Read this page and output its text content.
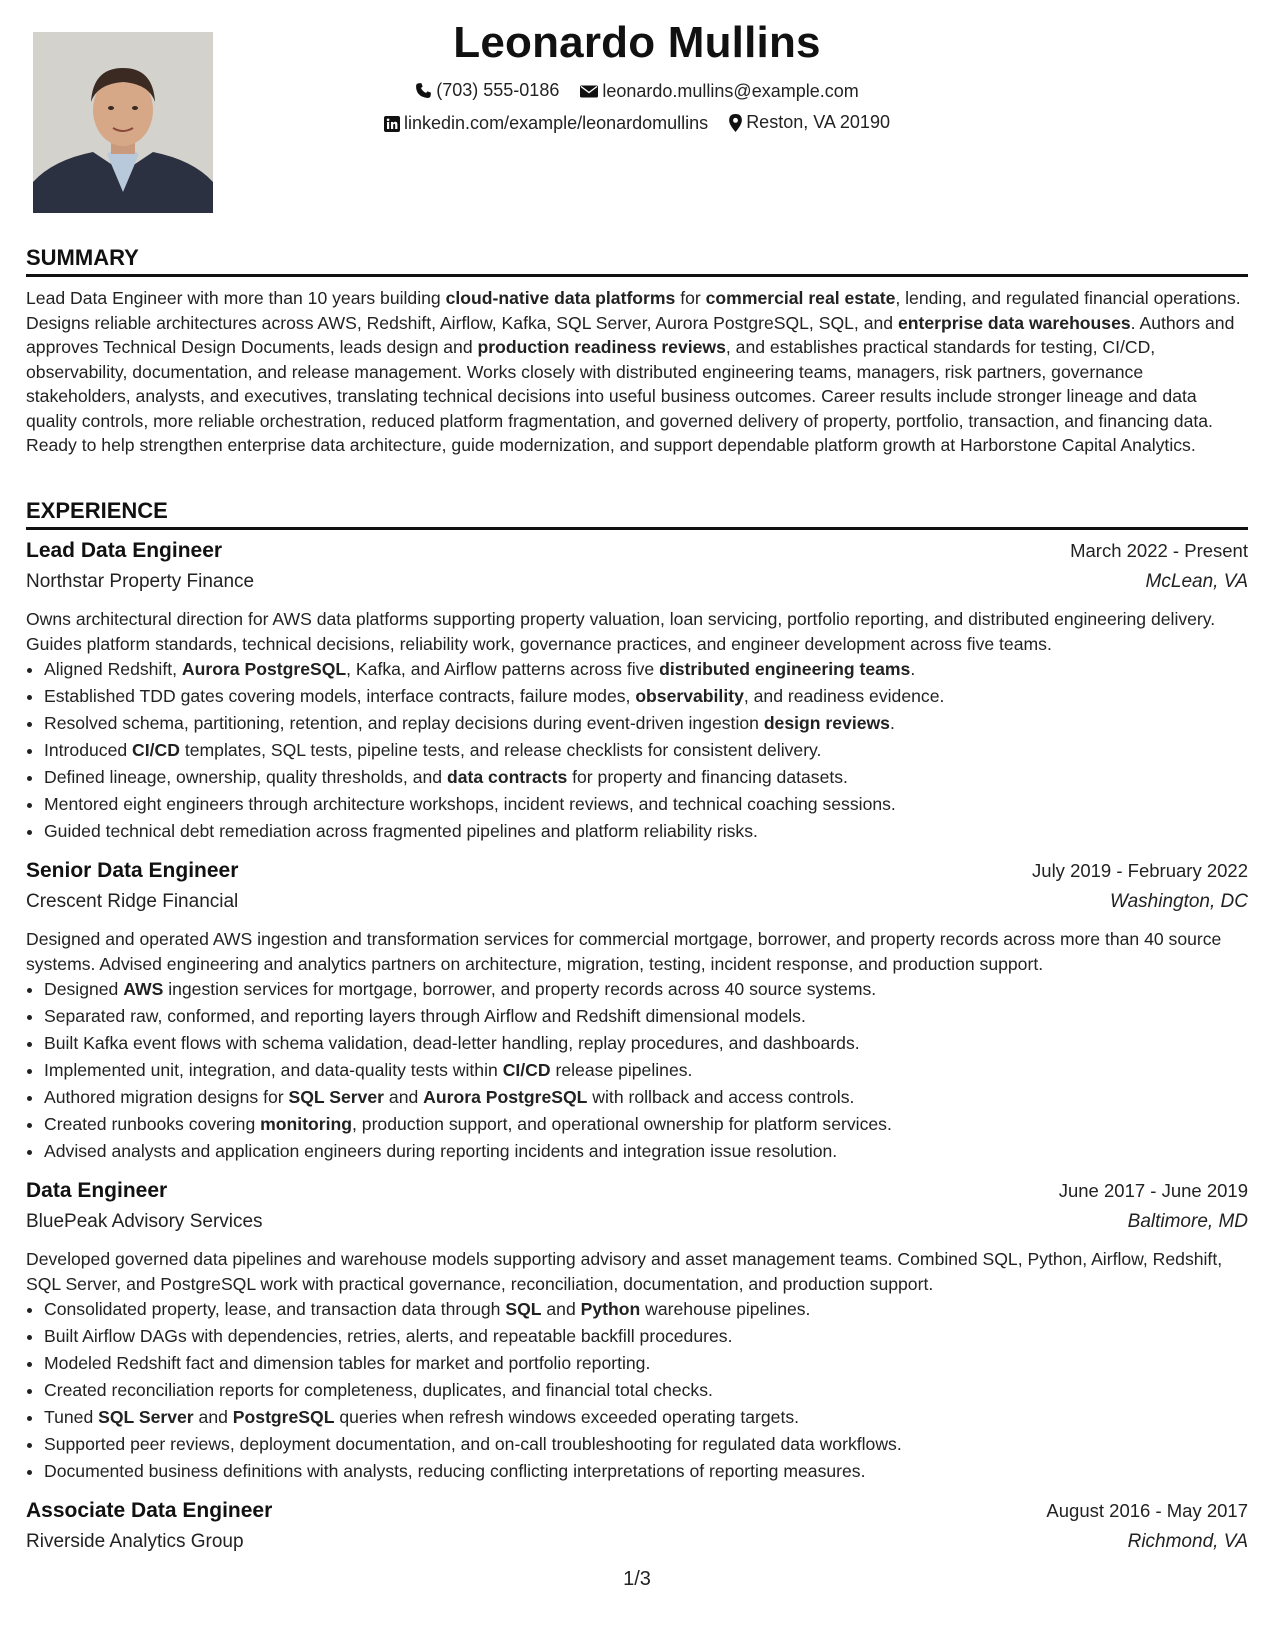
Leonardo Mullins
(703) 555-0186
leonardo.mullins@example.com
linkedin.com/example/leonardomullins
Reston, VA 20190
SUMMARY
Lead Data Engineer with more than 10 years building cloud-native data platforms for commercial real estate, lending, and regulated financial operations. Designs reliable architectures across AWS, Redshift, Airflow, Kafka, SQL Server, Aurora PostgreSQL, SQL, and enterprise data warehouses. Authors and approves Technical Design Documents, leads design and production readiness reviews, and establishes practical standards for testing, CI/CD, observability, documentation, and release management. Works closely with distributed engineering teams, managers, risk partners, governance stakeholders, analysts, and executives, translating technical decisions into useful business outcomes. Career results include stronger lineage and data quality controls, more reliable orchestration, reduced platform fragmentation, and governed delivery of property, portfolio, transaction, and financing data. Ready to help strengthen enterprise data architecture, guide modernization, and support dependable platform growth at Harborstone Capital Analytics.
EXPERIENCE
Lead Data Engineer	March 2022 - Present
Northstar Property Finance	McLean, VA
Owns architectural direction for AWS data platforms supporting property valuation, loan servicing, portfolio reporting, and distributed engineering delivery. Guides platform standards, technical decisions, reliability work, governance practices, and engineer development across five teams.
• Aligned Redshift, Aurora PostgreSQL, Kafka, and Airflow patterns across five distributed engineering teams.
• Established TDD gates covering models, interface contracts, failure modes, observability, and readiness evidence.
• Resolved schema, partitioning, retention, and replay decisions during event-driven ingestion design reviews.
• Introduced CI/CD templates, SQL tests, pipeline tests, and release checklists for consistent delivery.
• Defined lineage, ownership, quality thresholds, and data contracts for property and financing datasets.
• Mentored eight engineers through architecture workshops, incident reviews, and technical coaching sessions.
• Guided technical debt remediation across fragmented pipelines and platform reliability risks.
Senior Data Engineer	July 2019 - February 2022
Crescent Ridge Financial	Washington, DC
Designed and operated AWS ingestion and transformation services for commercial mortgage, borrower, and property records across more than 40 source systems. Advised engineering and analytics partners on architecture, migration, testing, incident response, and production support.
• Designed AWS ingestion services for mortgage, borrower, and property records across 40 source systems.
• Separated raw, conformed, and reporting layers through Airflow and Redshift dimensional models.
• Built Kafka event flows with schema validation, dead-letter handling, replay procedures, and dashboards.
• Implemented unit, integration, and data-quality tests within CI/CD release pipelines.
• Authored migration designs for SQL Server and Aurora PostgreSQL with rollback and access controls.
• Created runbooks covering monitoring, production support, and operational ownership for platform services.
• Advised analysts and application engineers during reporting incidents and integration issue resolution.
Data Engineer	June 2017 - June 2019
BluePeak Advisory Services	Baltimore, MD
Developed governed data pipelines and warehouse models supporting advisory and asset management teams. Combined SQL, Python, Airflow, Redshift, SQL Server, and PostgreSQL work with practical governance, reconciliation, documentation, and production support.
• Consolidated property, lease, and transaction data through SQL and Python warehouse pipelines.
• Built Airflow DAGs with dependencies, retries, alerts, and repeatable backfill procedures.
• Modeled Redshift fact and dimension tables for market and portfolio reporting.
• Created reconciliation reports for completeness, duplicates, and financial total checks.
• Tuned SQL Server and PostgreSQL queries when refresh windows exceeded operating targets.
• Supported peer reviews, deployment documentation, and on-call troubleshooting for regulated data workflows.
• Documented business definitions with analysts, reducing conflicting interpretations of reporting measures.
Associate Data Engineer	August 2016 - May 2017
Riverside Analytics Group	Richmond, VA
1/3
